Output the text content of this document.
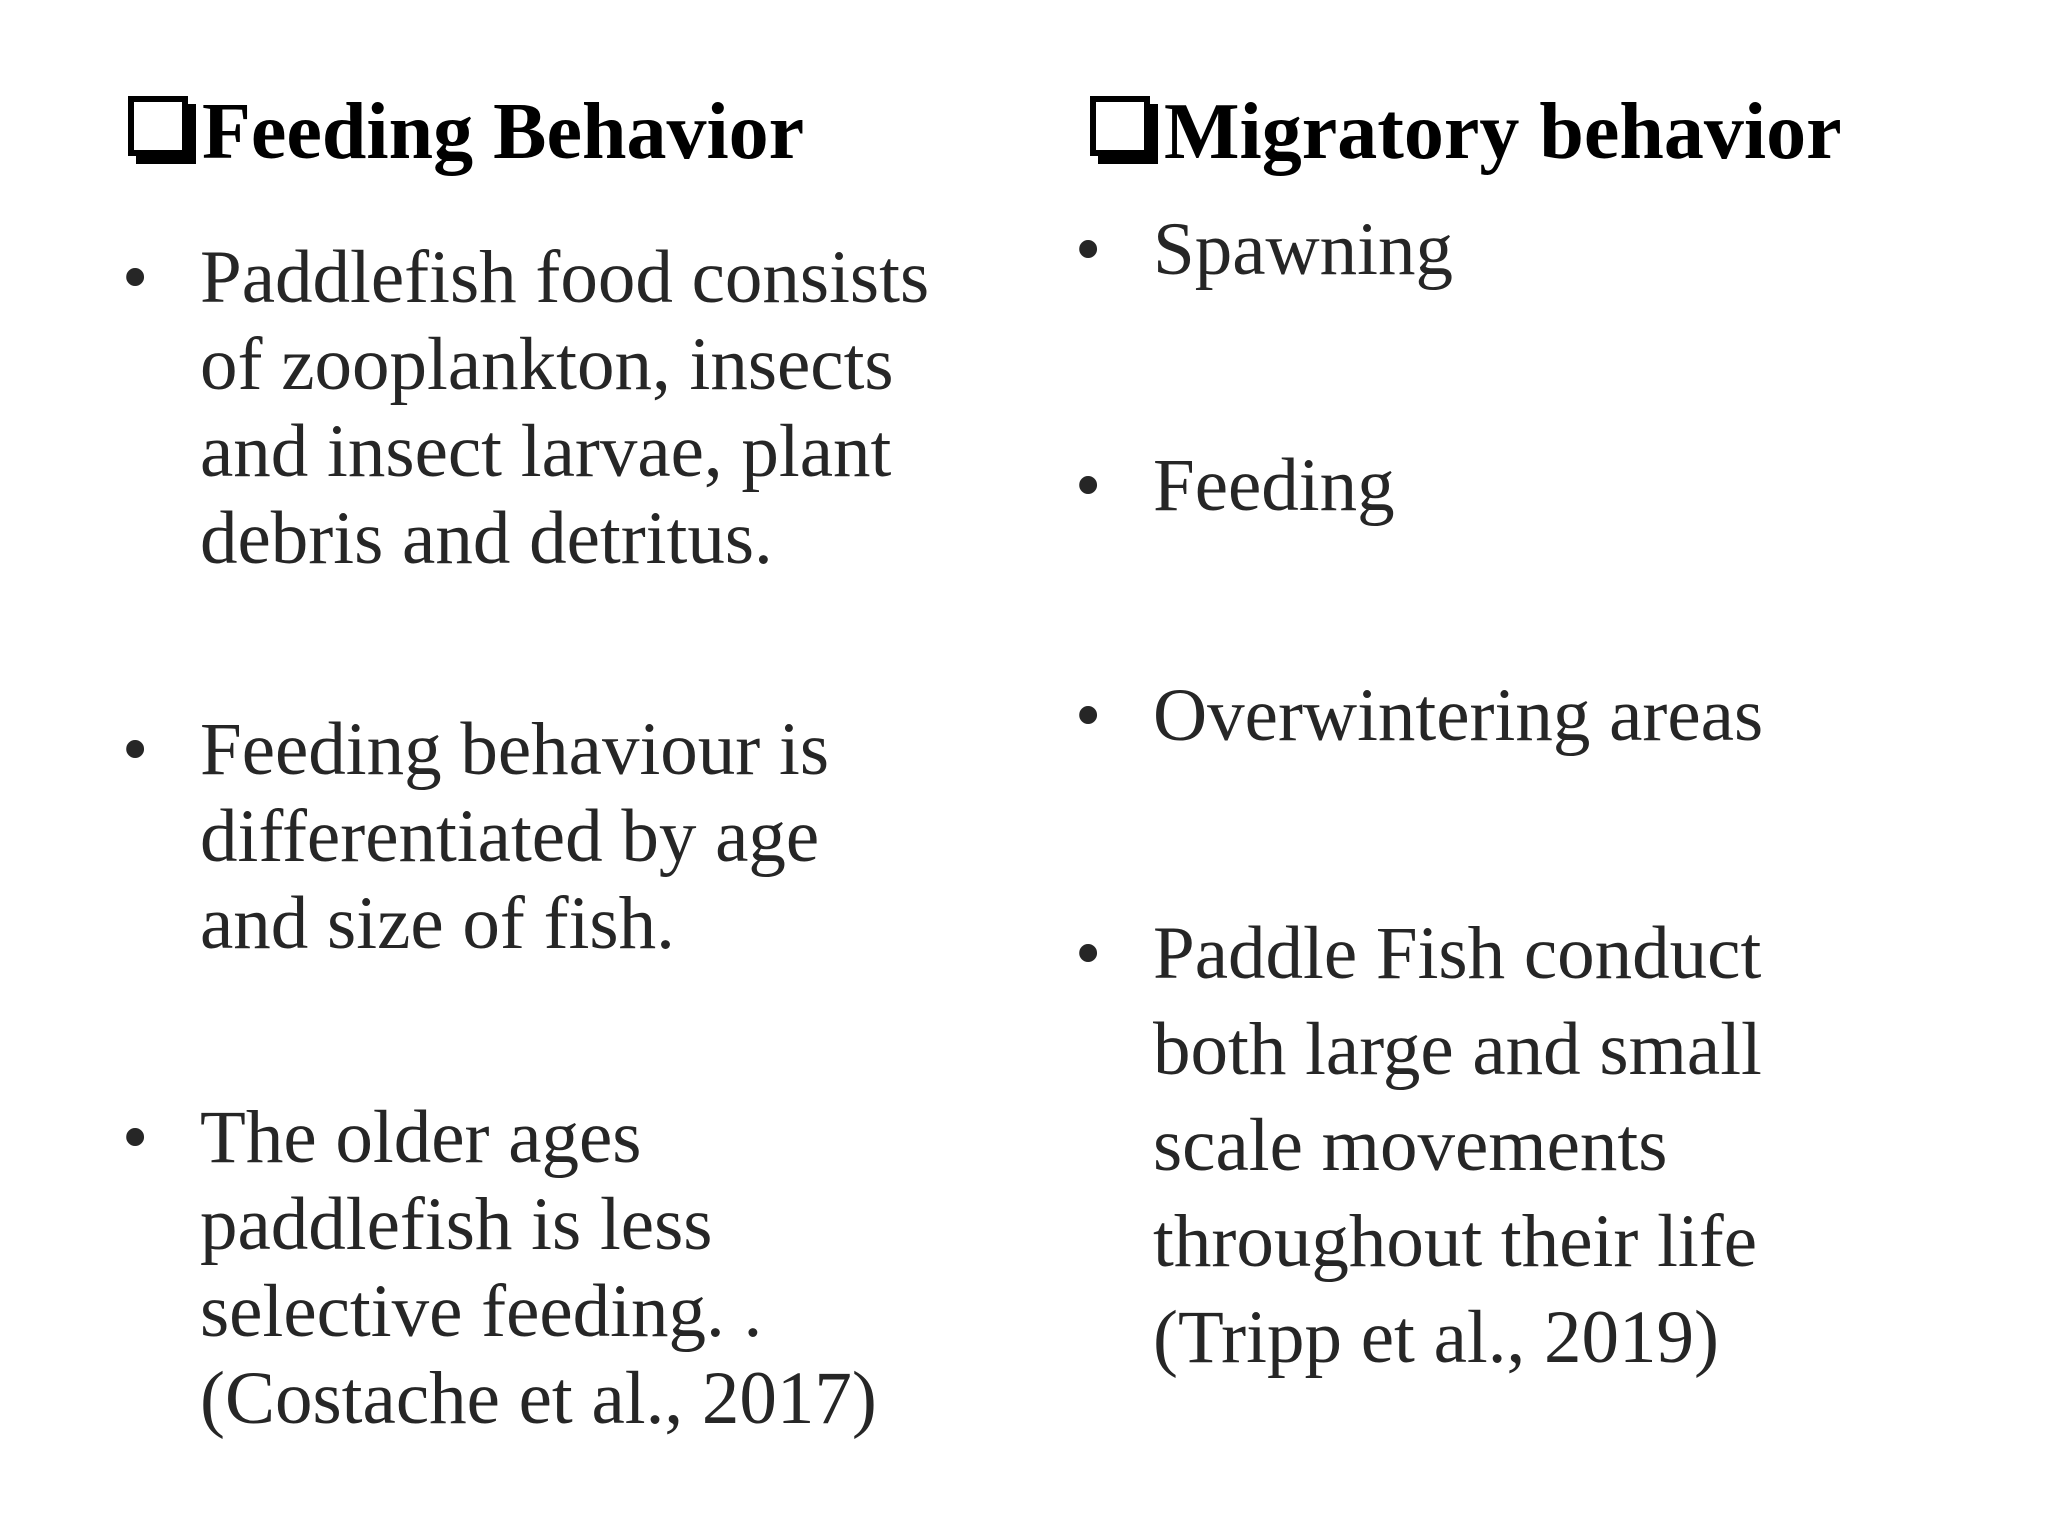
Feeding Behavior
• Paddlefish food consists
of zooplankton, insects
and insect larvae, plant
debris and detritus.
• Feeding behaviour is
differentiated by age
and size of fish.
• The older ages
paddlefish is less
selective feeding. .
(Costache et al., 2017)
Migratory behavior
• Spawning
• Feeding
• Overwintering areas
• Paddle Fish conduct
both large and small
scale movements
throughout their life
(Tripp et al., 2019)
